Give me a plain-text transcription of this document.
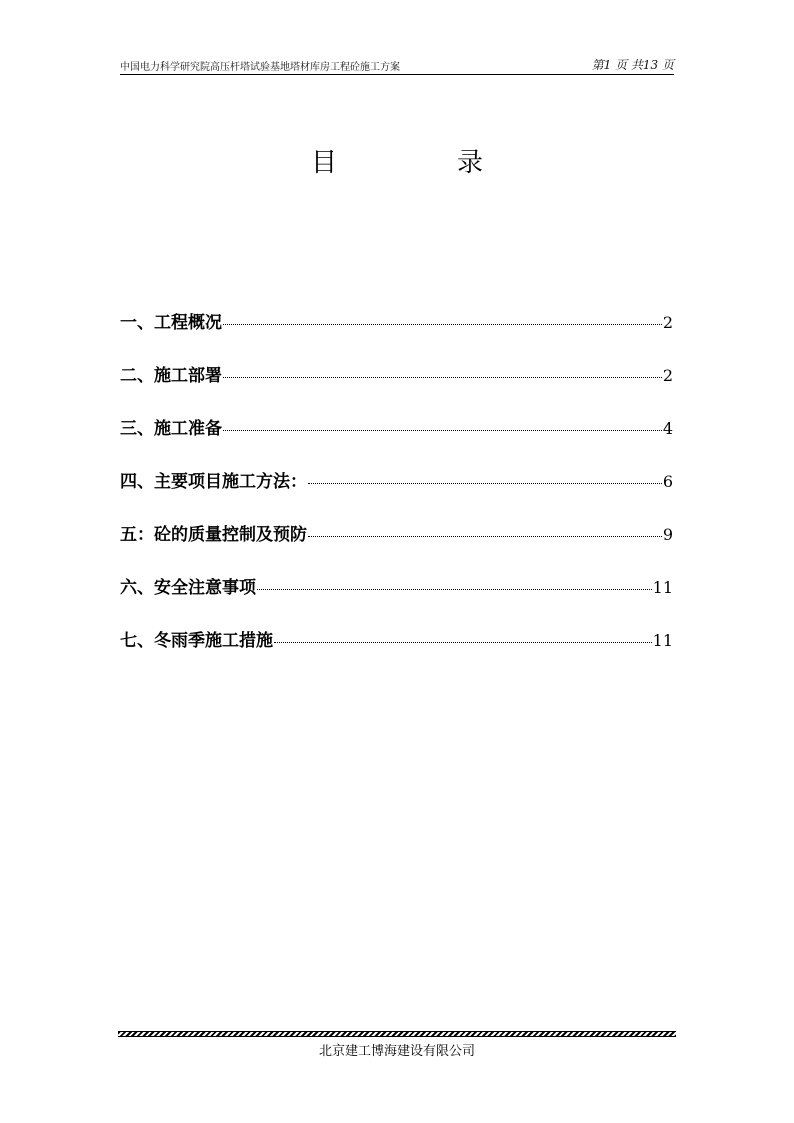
中国电力科学研究院高压杆塔试验基地塔材库房工程砼施工方案	第1 页 共13 页
目	录
一、工程概况	2
二、施工部署	2
三、施工准备	4
四、主要项目施工方法：	6
五：砼的质量控制及预防	9
六、安全注意事项	11
七、冬雨季施工措施	11
北京建工博海建设有限公司
